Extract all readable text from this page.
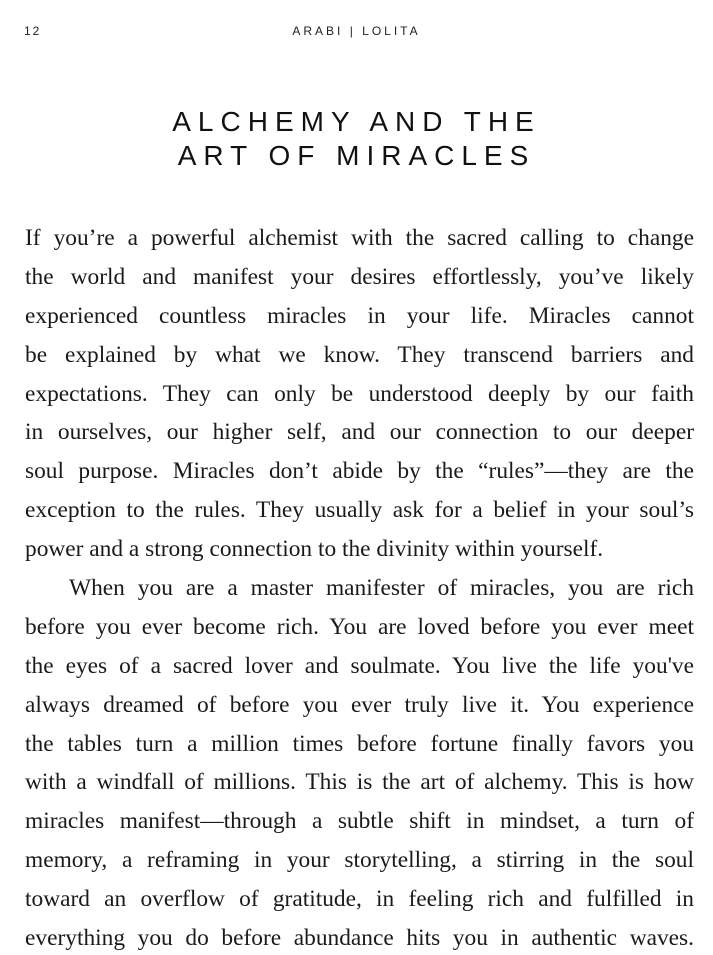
12	ARABI | LOLITA
ALCHEMY AND THE
ART OF MIRACLES
If you’re a powerful alchemist with the sacred calling to change
the world and manifest your desires effortlessly, you’ve likely
experienced countless miracles in your life. Miracles cannot
be explained by what we know. They transcend barriers and
expectations. They can only be understood deeply by our faith
in ourselves, our higher self, and our connection to our deeper
soul purpose. Miracles don’t abide by the “rules”—they are the
exception to the rules. They usually ask for a belief in your soul’s
power and a strong connection to the divinity within yourself.
When you are a master manifester of miracles, you are rich
before you ever become rich. You are loved before you ever meet
the eyes of a sacred lover and soulmate. You live the life you've
always dreamed of before you ever truly live it. You experience
the tables turn a million times before fortune finally favors you
with a windfall of millions. This is the art of alchemy. This is how
miracles manifest—through a subtle shift in mindset, a turn of
memory, a reframing in your storytelling, a stirring in the soul
toward an overflow of gratitude, in feeling rich and fulfilled in
everything you do before abundance hits you in authentic waves.
